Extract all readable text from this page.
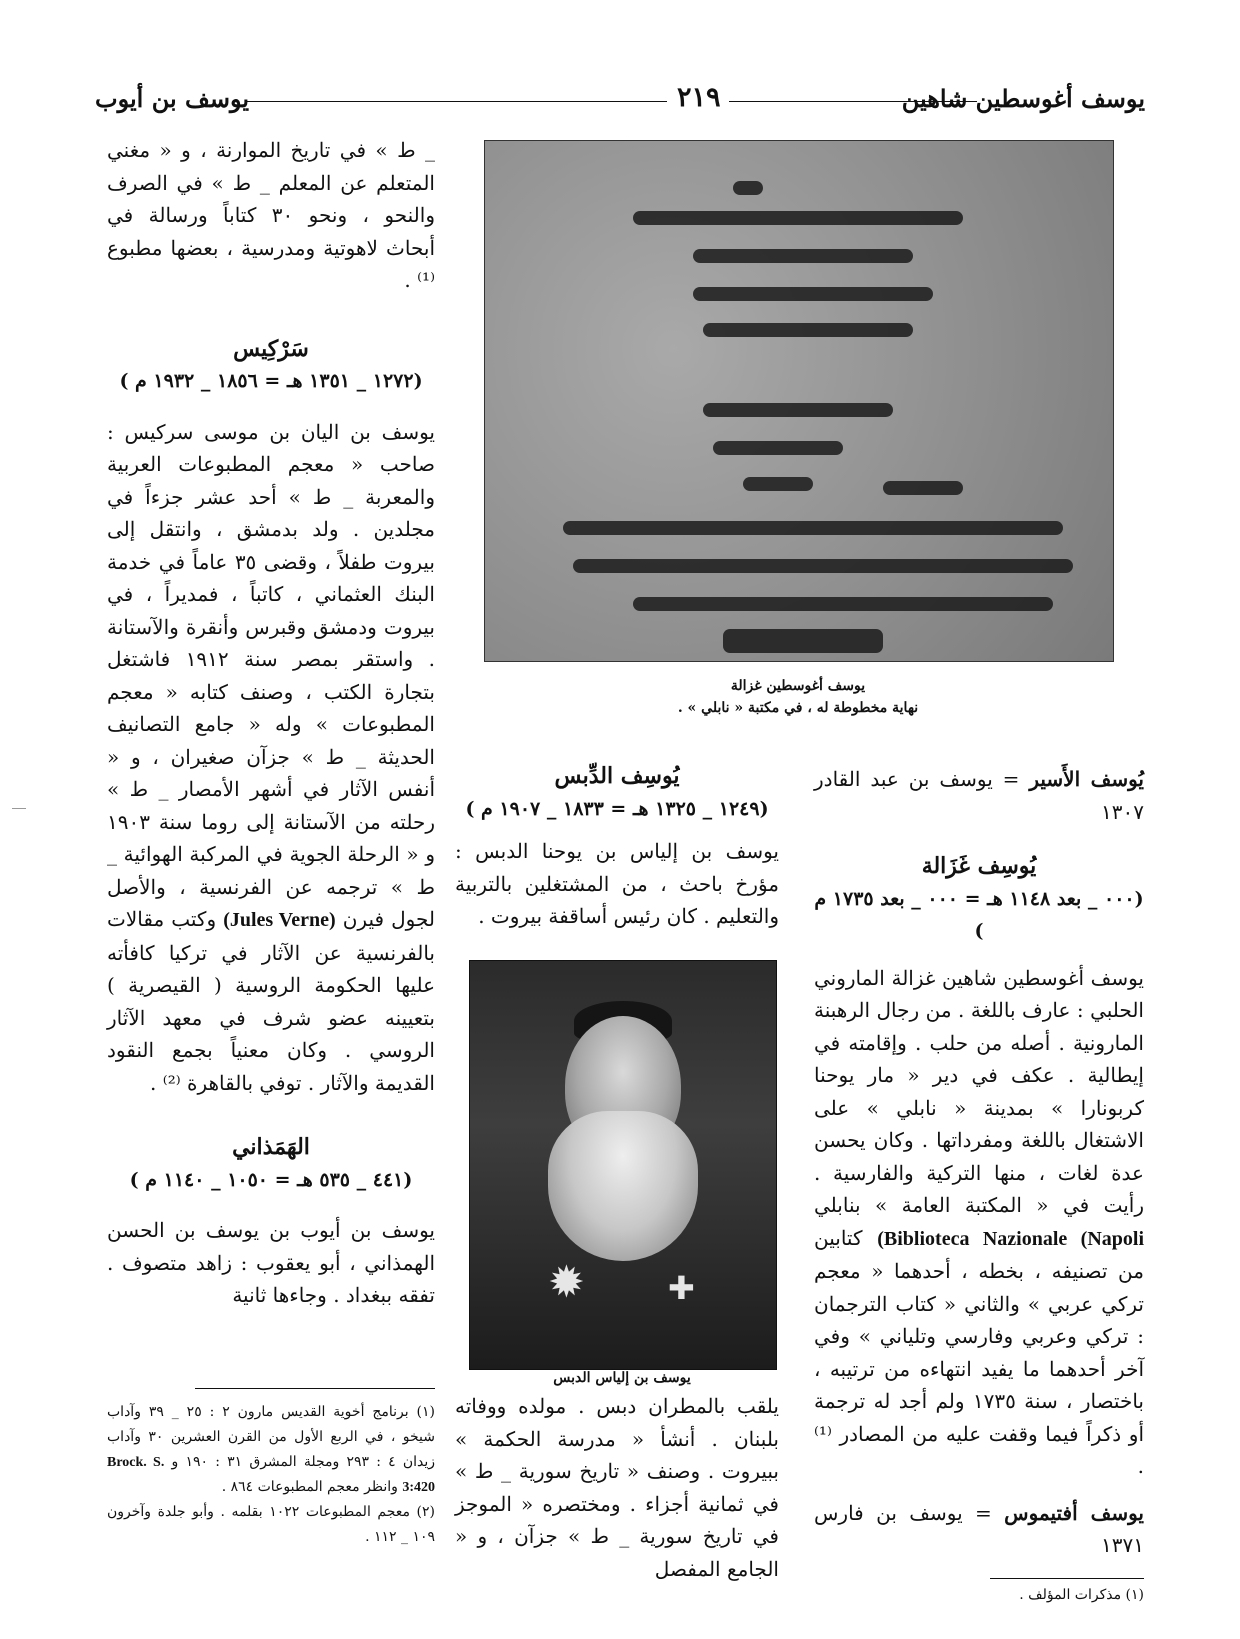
يوسف أغوسطين شاهين
٢١٩
يوسف بن أيوب
يوسف أغوسطين غزالة
نهاية مخطوطة له ، في مكتبة « نابلي » .

يُوسف الأَسير = يوسف بن عبد القادر ١٣٠٧

يُوسِف غَزَالة

(٠٠٠ _ بعد ١١٤٨ هـ = ٠٠٠ _ بعد ١٧٣٥ م )

يوسف أغوسطين شاهين غزالة الماروني الحلبي : عارف باللغة . من رجال الرهبنة المارونية . أصله من حلب . وإقامته في إيطالية . عكف في دير « مار يوحنا كربونارا » بمدينة « نابلي » على الاشتغال باللغة ومفرداتها . وكان يحسن عدة لغات ، منها التركية والفارسية . رأيت في « المكتبة العامة » بنابلي (Biblioteca Nazionale (Napoli كتابين من تصنيفه ، بخطه ، أحدهما « معجم تركي عربي » والثاني « كتاب الترجمان : تركي وعربي وفارسي وتلياني » وفي آخر أحدهما ما يفيد انتهاءه من ترتيبه ، باختصار ، سنة ١٧٣٥ ولم أجد له ترجمة أو ذكراً فيما وقفت عليه من المصادر ⁽¹⁾ .

يوسف أفتيموس = يوسف بن فارس ١٣٧١

يُوسِف الدِّبس

(١٢٤٩ _ ١٣٢٥ هـ = ١٨٣٣ _ ١٩٠٧ م )

يوسف بن إلياس بن يوحنا الدبس : مؤرخ باحث ، من المشتغلين بالتربية والتعليم . كان رئيس أساقفة بيروت .

✹	✚
يوسف بن إلياس الدبس

يلقب بالمطران دبس . مولده ووفاته بلبنان . أنشأ « مدرسة الحكمة » ببيروت . وصنف « تاريخ سورية _ ط » في ثمانية أجزاء . ومختصره « الموجز في تاريخ سورية _ ط » جزآن ، و « الجامع المفصل

_ ط » في تاريخ الموارنة ، و « مغني المتعلم عن المعلم _ ط » في الصرف والنحو ، ونحو ٣٠ كتاباً ورسالة في أبحاث لاهوتية ومدرسية ، بعضها مطبوع ⁽¹⁾ .

سَرْكِيس

(١٢٧٢ _ ١٣٥١ هـ = ١٨٥٦ _ ١٩٣٢ م )

يوسف بن اليان بن موسى سركيس : صاحب « معجم المطبوعات العربية والمعربة _ ط » أحد عشر جزءاً في مجلدين . ولد بدمشق ، وانتقل إلى بيروت طفلاً ، وقضى ٣٥ عاماً في خدمة البنك العثماني ، كاتباً ، فمديراً ، في بيروت ودمشق وقبرس وأنقرة والآستانة . واستقر بمصر سنة ١٩١٢ فاشتغل بتجارة الكتب ، وصنف كتابه « معجم المطبوعات » وله « جامع التصانيف الحديثة _ ط » جزآن صغيران ، و « أنفس الآثار في أشهر الأمصار _ ط » رحلته من الآستانة إلى روما سنة ١٩٠٣ و « الرحلة الجوية في المركبة الهوائية _ ط » ترجمه عن الفرنسية ، والأصل لجول فيرن (Jules Verne) وكتب مقالات بالفرنسية عن الآثار في تركيا كافأته عليها الحكومة الروسية ( القيصرية ) بتعيينه عضو شرف في معهد الآثار الروسي . وكان معنياً بجمع النقود القديمة والآثار . توفي بالقاهرة ⁽²⁾ .

الهَمَذاني

(٤٤١ _ ٥٣٥ هـ = ١٠٥٠ _ ١١٤٠ م )

يوسف بن أيوب بن يوسف بن الحسن الهمذاني ، أبو يعقوب : زاهد متصوف . تفقه ببغداد . وجاءها ثانية

(١) برنامج أخوية القديس مارون ٢ : ٢٥ _ ٣٩ وآداب شيخو ، في الربع الأول من القرن العشرين ٣٠ وآداب زيدان ٤ : ٢٩٣ ومجلة المشرق ٣١ : ١٩٠ و Brock. S. 3:420 وانظر معجم المطبوعات ٨٦٤ .

(٢) معجم المطبوعات ١٠٢٢ بقلمه . وأبو جلدة وآخرون ١٠٩ _ ١١٢ .

(١) مذكرات المؤلف .
